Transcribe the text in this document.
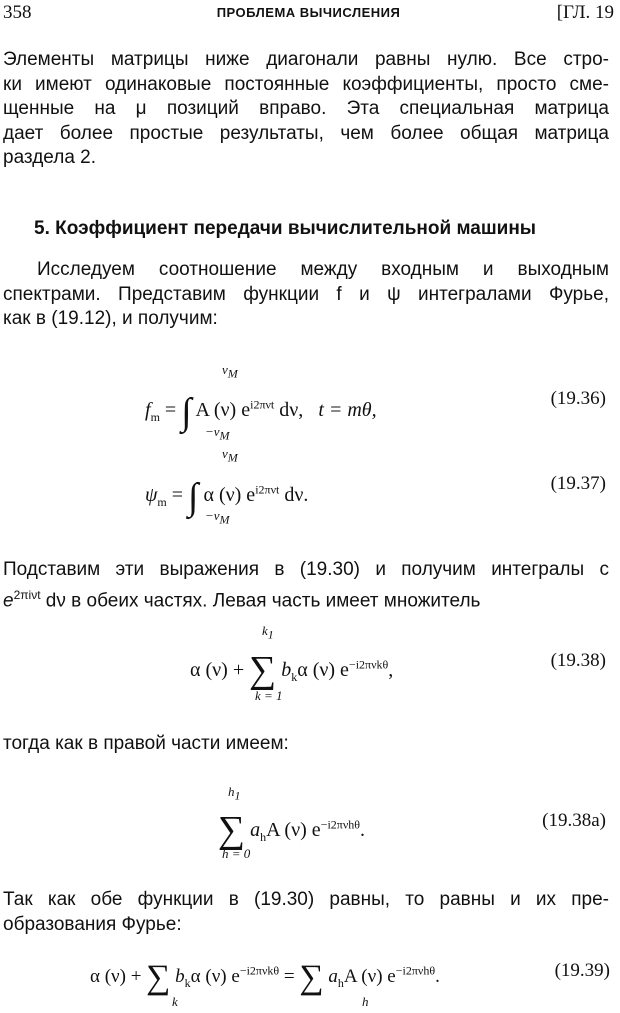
358	ПРОБЛЕМА ВЫЧИСЛЕНИЯ	[ГЛ. 19
Элементы матрицы ниже диагонали равны нулю. Все стро-
ки имеют одинаковые постоянные коэффициенты, просто сме-
щенные на μ позиций вправо. Эта специальная матрица
дает более простые результаты, чем более общая матрица
раздела 2.
5. Коэффициент передачи вычислительной машины
Исследуем соотношение между входным и выходным
спектрами. Представим функции f и ψ интегралами Фурье,
как в (19.12), и получим:
$\nu_M$
$f_m$ = ∫ A (ν) $e^{i2\pi\nu t}$ dν, t = mθ,
$-\nu_M$
(19.36)
$\nu_M$
$\psi_m$ = ∫ α (ν) $e^{i2\pi\nu t}$ dν.
$-\nu_M$
(19.37)
Подставим эти выражения в (19.30) и получим интегралы с
$e^{2\pi i\nu t}$ dν в обеих частях. Левая часть имеет множитель
$k_1$
α (ν) + ∑ $b_k\alpha$ (ν) $e^{-i2\pi\nu k\theta}$,
k = 1
(19.38)
тогда как в правой части имеем:
$h_1$
∑ $a_hA$ (ν) $e^{-i2\pi\nu h\theta}$.
h = 0
(19.38a)
Так как обе функции в (19.30) равны, то равны и их пре-
образования Фурье:
α (ν) + ∑ $b_k\alpha$ (ν) $e^{-i2\pi\nu k\theta}$ = ∑ $a_hA$ (ν) $e^{-i2\pi\nu h\theta}$.
k	h
(19.39)
